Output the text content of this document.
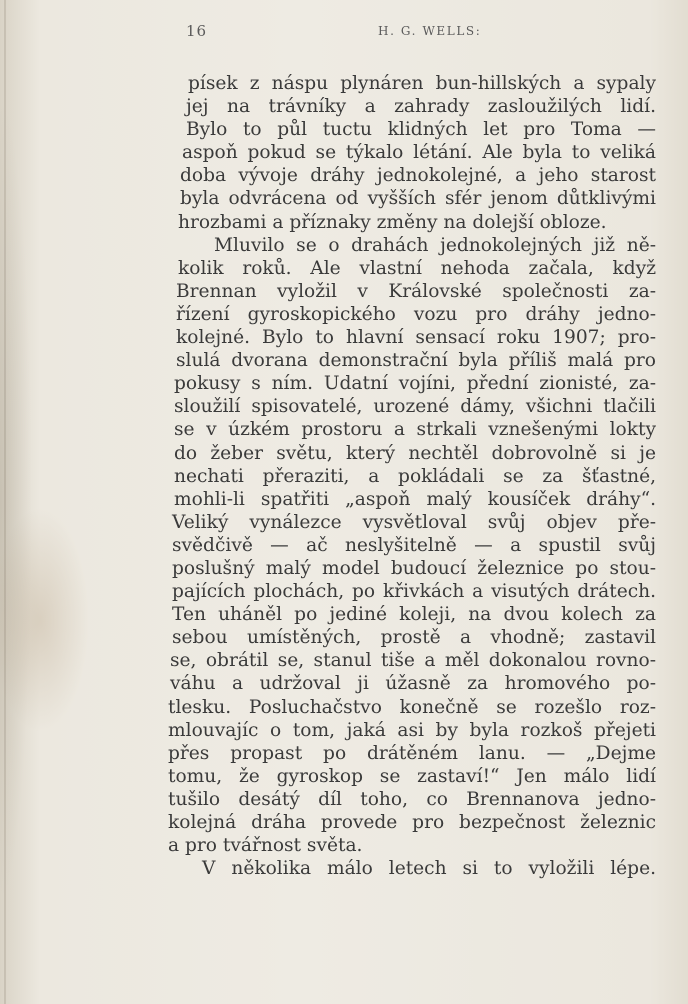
16	H. G. WELLS:
písek z náspu plynáren bun-hillských a sypaly
jej na trávníky a zahrady zasloužilých lidí.
Bylo to půl tuctu klidných let pro Toma —
aspoň pokud se týkalo létání. Ale byla to veliká
doba vývoje dráhy jednokolejné, a jeho starost
byla odvrácena od vyšších sfér jenom důtklivými
hrozbami a příznaky změny na dolejší obloze.
Mluvilo se o drahách jednokolejných již ně-
kolik roků. Ale vlastní nehoda začala, když
Brennan vyložil v Královské společnosti za-
řízení gyroskopického vozu pro dráhy jedno-
kolejné. Bylo to hlavní sensací roku 1907; pro-
slulá dvorana demonstrační byla příliš malá pro
pokusy s ním. Udatní vojíni, přední zionisté, za-
sloužilí spisovatelé, urozené dámy, všichni tlačili
se v úzkém prostoru a strkali vznešenými lokty
do žeber světu, který nechtěl dobrovolně si je
nechati přeraziti, a pokládali se za šťastné,
mohli-li spatřiti „aspoň malý kousíček dráhy“.
Veliký vynálezce vysvětloval svůj objev pře-
svědčivě — ač neslyšitelně — a spustil svůj
poslušný malý model budoucí železnice po stou-
pajících plochách, po křivkách a visutých drátech.
Ten uháněl po jediné koleji, na dvou kolech za
sebou umístěných, prostě a vhodně; zastavil
se, obrátil se, stanul tiše a měl dokonalou rovno-
váhu a udržoval ji úžasně za hromového po-
tlesku. Posluchačstvo konečně se rozešlo roz-
mlouvajíc o tom, jaká asi by byla rozkoš přejeti
přes propast po drátěném lanu. — „Dejme
tomu, že gyroskop se zastaví!“ Jen málo lidí
tušilo desátý díl toho, co Brennanova jedno-
kolejná dráha provede pro bezpečnost železnic
a pro tvářnost světa.
V několika málo letech si to vyložili lépe.
